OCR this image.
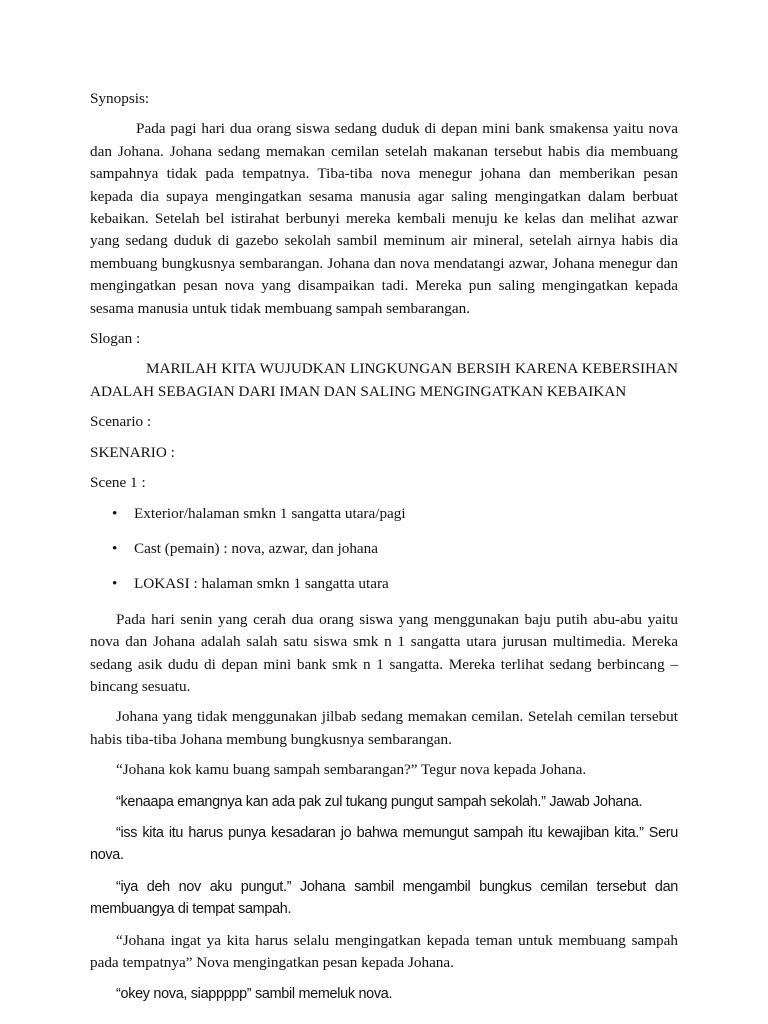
Synopsis:

Pada pagi hari dua orang siswa sedang duduk di depan mini bank smakensa yaitu nova dan Johana. Johana sedang memakan cemilan setelah makanan tersebut habis dia membuang sampahnya tidak pada tempatnya. Tiba-tiba nova menegur johana dan memberikan pesan kepada dia supaya mengingatkan sesama manusia agar saling mengingatkan dalam berbuat kebaikan. Setelah bel istirahat berbunyi mereka kembali menuju ke kelas dan melihat azwar yang sedang duduk di gazebo sekolah sambil meminum air mineral, setelah airnya habis dia membuang bungkusnya sembarangan. Johana dan nova mendatangi azwar, Johana menegur dan mengingatkan pesan nova yang disampaikan tadi. Mereka pun saling mengingatkan kepada sesama manusia untuk tidak membuang sampah sembarangan.

Slogan :

MARILAH KITA WUJUDKAN LINGKUNGAN BERSIH KARENA KEBERSIHAN ADALAH SEBAGIAN DARI IMAN DAN SALING MENGINGATKAN KEBAIKAN

Scenario :

SKENARIO :

Scene 1 :

• Exterior/halaman smkn 1 sangatta utara/pagi
• Cast (pemain) : nova, azwar, dan johana
• LOKASI : halaman smkn 1 sangatta utara

Pada hari senin yang cerah dua orang siswa yang menggunakan baju putih abu-abu yaitu nova dan Johana adalah salah satu siswa smk n 1 sangatta utara jurusan multimedia. Mereka sedang asik dudu di depan mini bank smk n 1 sangatta. Mereka terlihat sedang berbincang – bincang sesuatu.

Johana yang tidak menggunakan jilbab sedang memakan cemilan. Setelah cemilan tersebut habis tiba-tiba Johana membung bungkusnya sembarangan.

“Johana kok kamu buang sampah sembarangan?” Tegur nova kepada Johana.

“kenaapa emangnya kan ada pak zul tukang pungut sampah sekolah.” Jawab Johana.

“iss kita itu harus punya kesadaran jo bahwa memungut sampah itu kewajiban kita.” Seru nova.

“iya deh nov aku pungut.” Johana sambil mengambil bungkus cemilan tersebut dan membuangya di tempat sampah.

“Johana ingat ya kita harus selalu mengingatkan kepada teman untuk membuang sampah pada tempatnya” Nova mengingatkan pesan kepada Johana.

“okey nova, siappppp” sambil memeluk nova.
